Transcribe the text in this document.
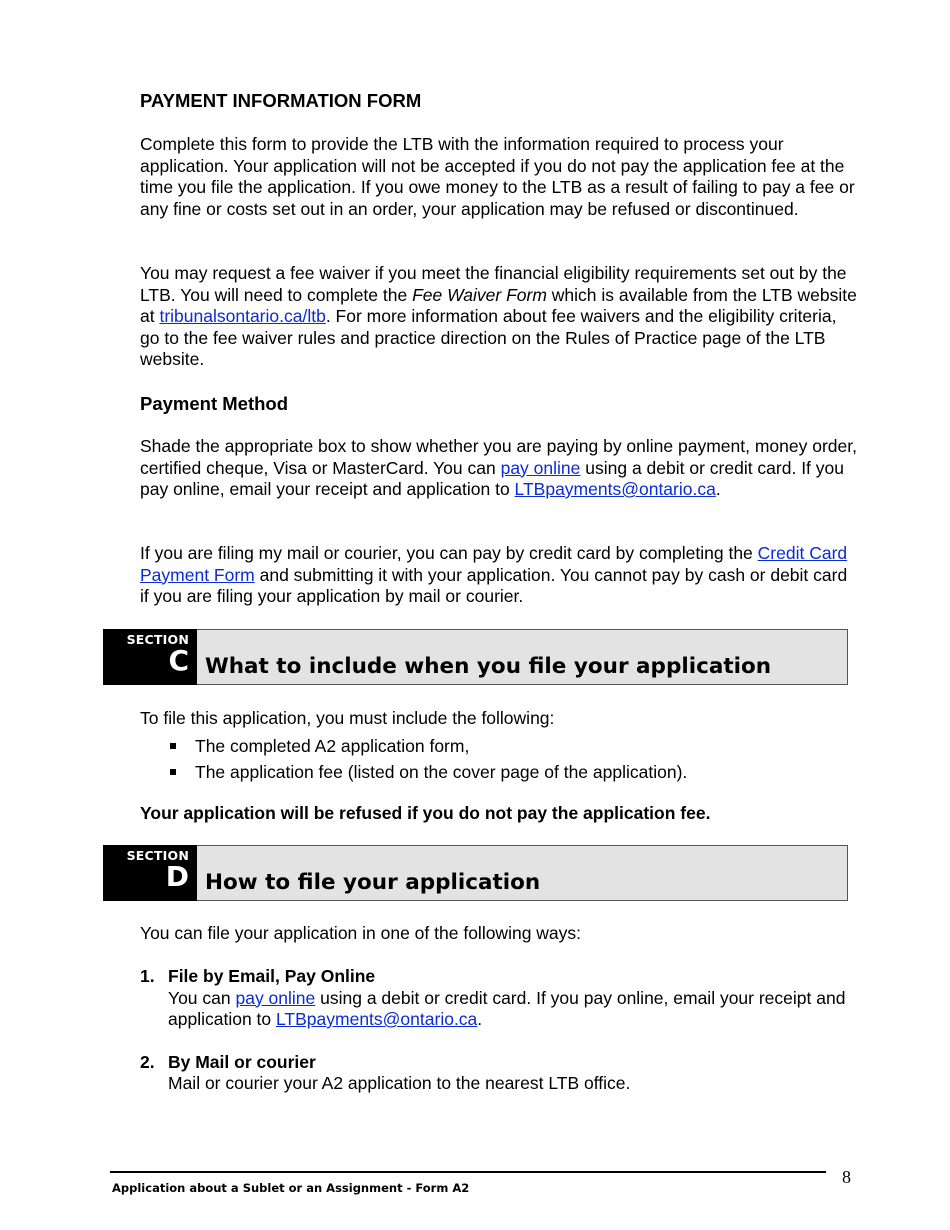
PAYMENT INFORMATION FORM

Complete this form to provide the LTB with the information required to process your application. Your application will not be accepted if you do not pay the application fee at the time you file the application. If you owe money to the LTB as a result of failing to pay a fee or any fine or costs set out in an order, your application may be refused or discontinued.

You may request a fee waiver if you meet the financial eligibility requirements set out by the LTB. You will need to complete the Fee Waiver Form which is available from the LTB website at tribunalsontario.ca/ltb. For more information about fee waivers and the eligibility criteria, go to the fee waiver rules and practice direction on the Rules of Practice page of the LTB website.

Payment Method

Shade the appropriate box to show whether you are paying by online payment, money order, certified cheque, Visa or MasterCard. You can pay online using a debit or credit card. If you pay online, email your receipt and application to LTBpayments@ontario.ca.

If you are filing my mail or courier, you can pay by credit card by completing the Credit Card Payment Form and submitting it with your application. You cannot pay by cash or debit card if you are filing your application by mail or courier.

SECTION
C What to include when you file your application
To file this application, you must include the following:
The completed A2 application form,
The application fee (listed on the cover page of the application).
Your application will be refused if you do not pay the application fee.
SECTION
D How to file your application
You can file your application in one of the following ways:
1. File by Email, Pay Online
You can pay online using a debit or credit card. If you pay online, email your receipt and application to LTBpayments@ontario.ca.
2. By Mail or courier
Mail or courier your A2 application to the nearest LTB office.
Application about a Sublet or an Assignment - Form A2
8
